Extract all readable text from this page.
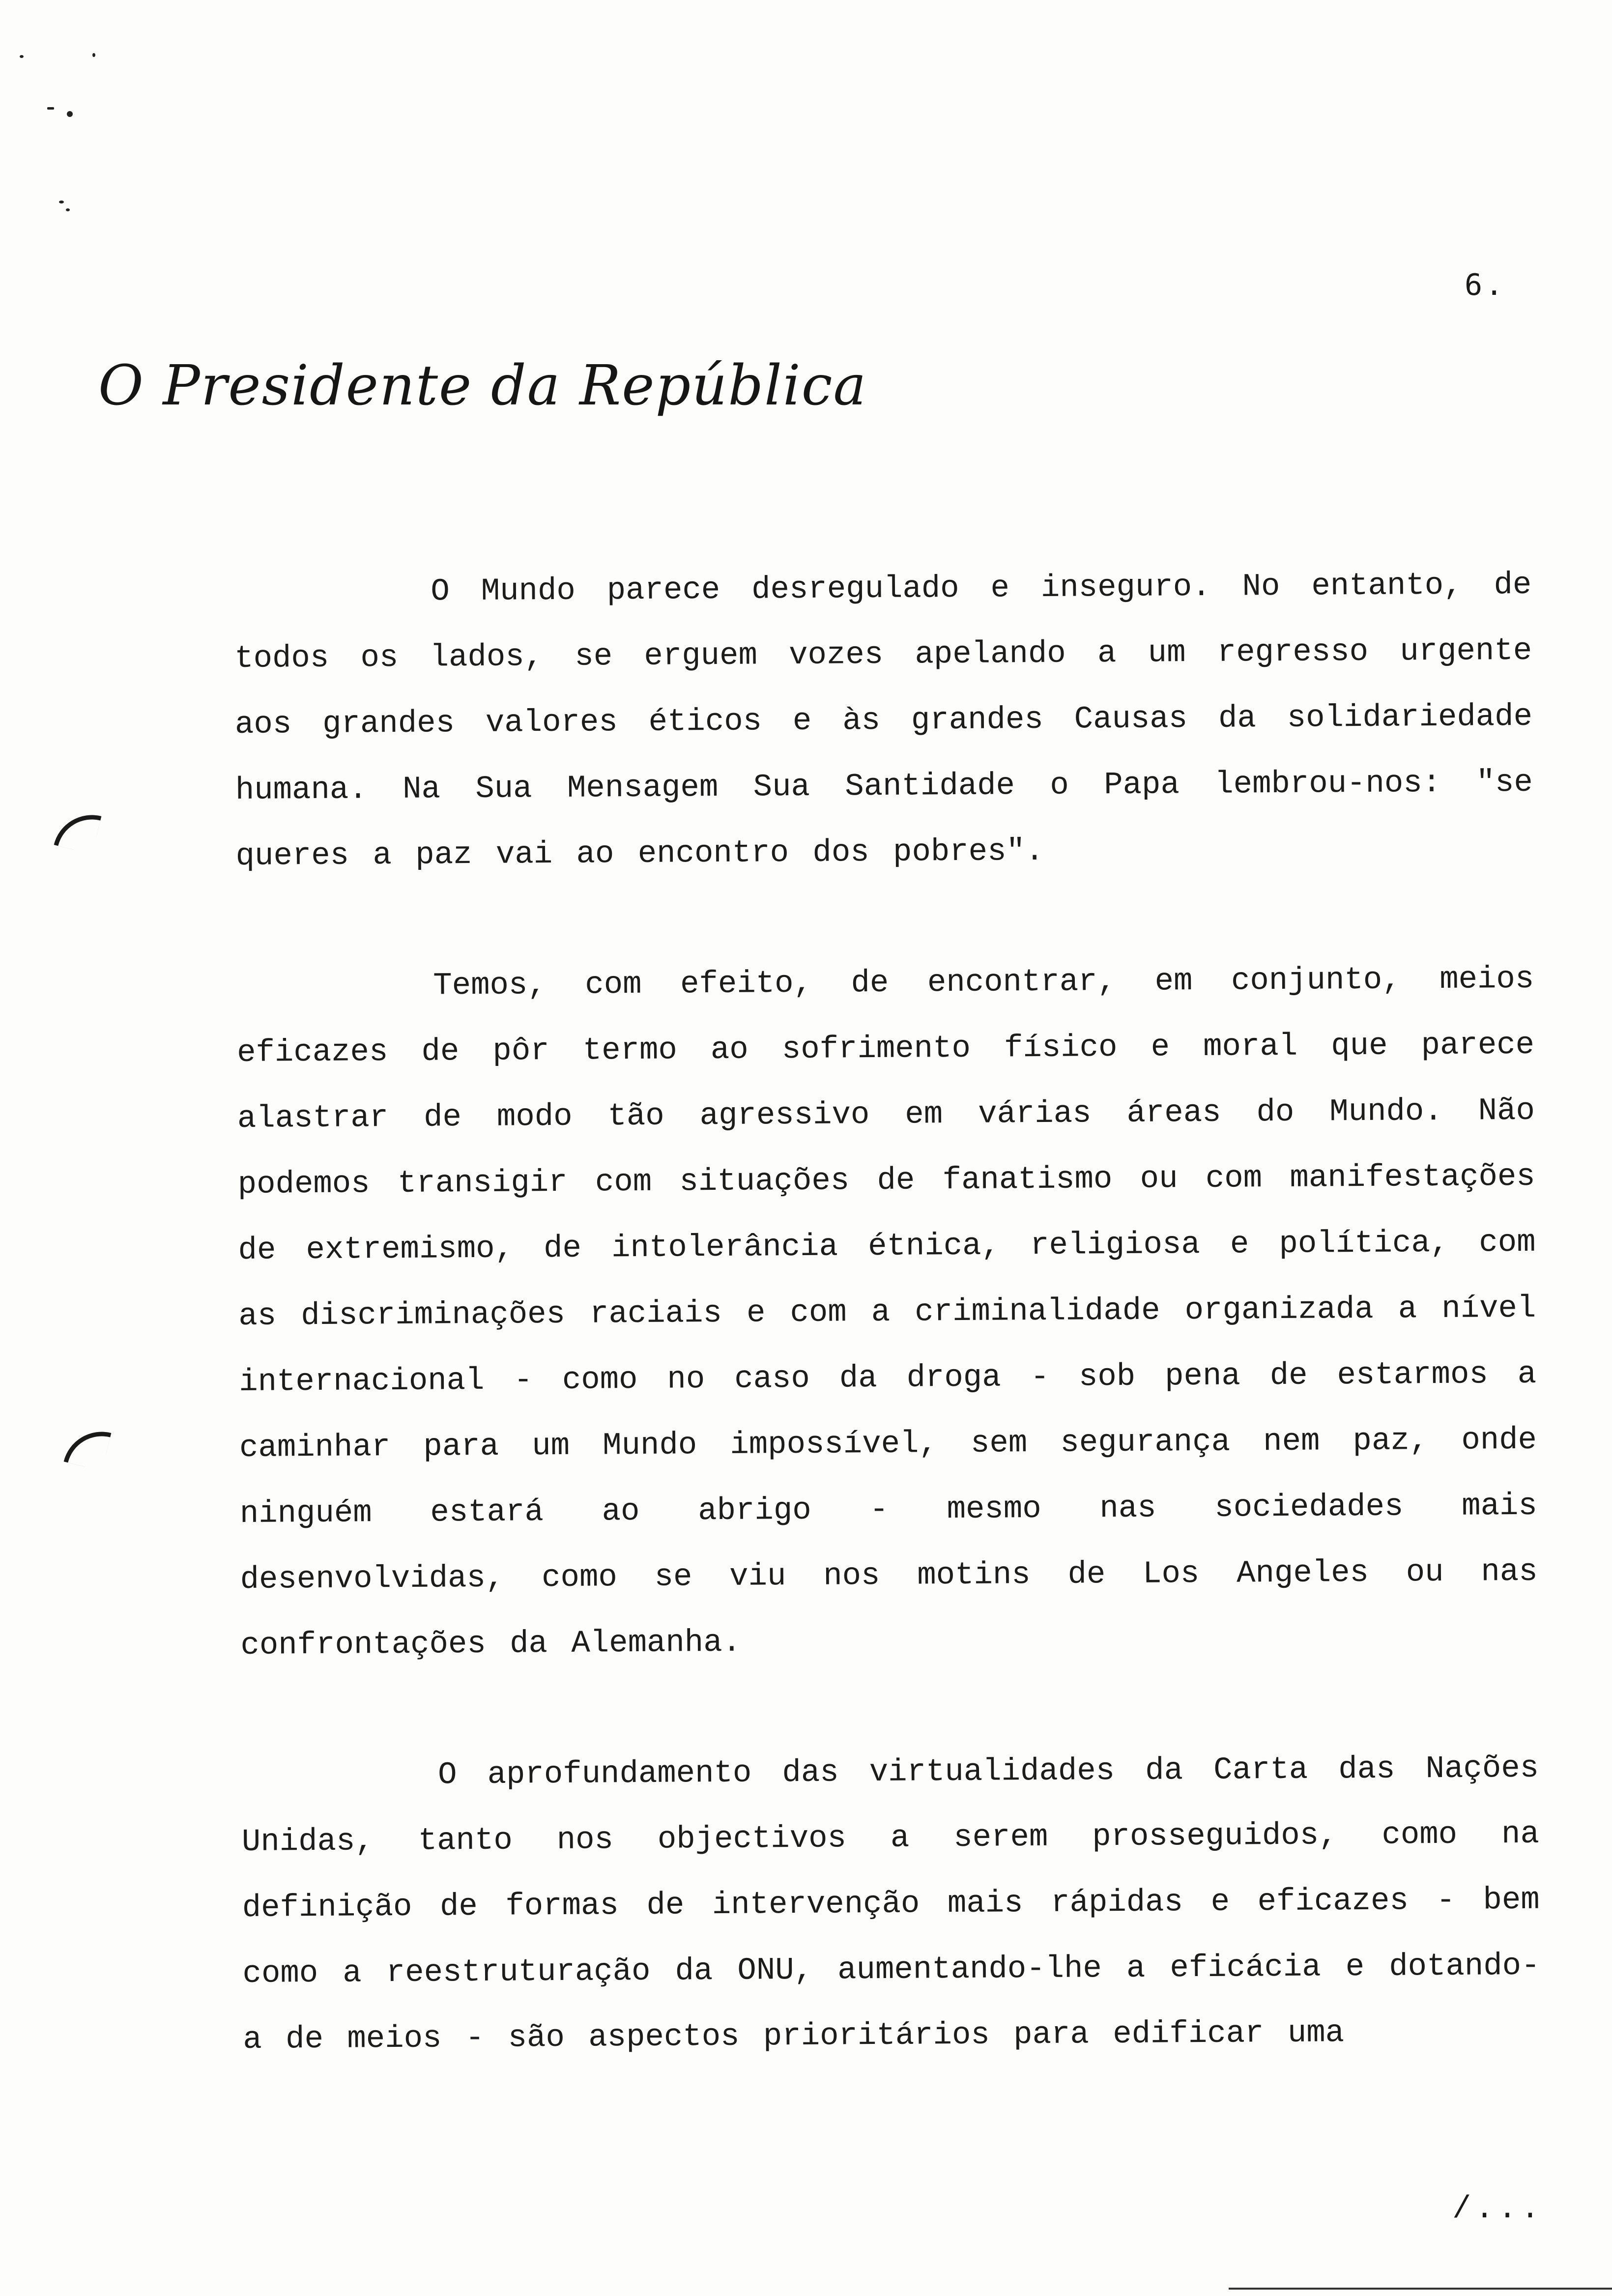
6.
O Presidente da República

O Mundo parece desregulado e inseguro. No entanto, de todos os lados, se erguem vozes apelando a um regresso urgente aos grandes valores éticos e às grandes Causas da solidariedade humana. Na Sua Mensagem Sua Santidade o Papa lembrou-nos: "se queres a paz vai ao encontro dos pobres".

Temos, com efeito, de encontrar, em conjunto, meios eficazes de pôr termo ao sofrimento físico e moral que parece alastrar de modo tão agressivo em várias áreas do Mundo. Não podemos transigir com situações de fanatismo ou com manifestações de extremismo, de intolerância étnica, religiosa e política, com as discriminações raciais e com a criminalidade organizada a nível internacional - como no caso da droga - sob pena de estarmos a caminhar para um Mundo impossível, sem segurança nem paz, onde ninguém estará ao abrigo - mesmo nas sociedades mais desenvolvidas, como se viu nos motins de Los Angeles ou nas confrontações da Alemanha.

O aprofundamento das virtualidades da Carta das Nações Unidas, tanto nos objectivos a serem prosseguidos, como na definição de formas de intervenção mais rápidas e eficazes - bem como a reestruturação da ONU, aumentando-lhe a eficácia e dotando-a de meios - são aspectos prioritários para edificar uma

/...
